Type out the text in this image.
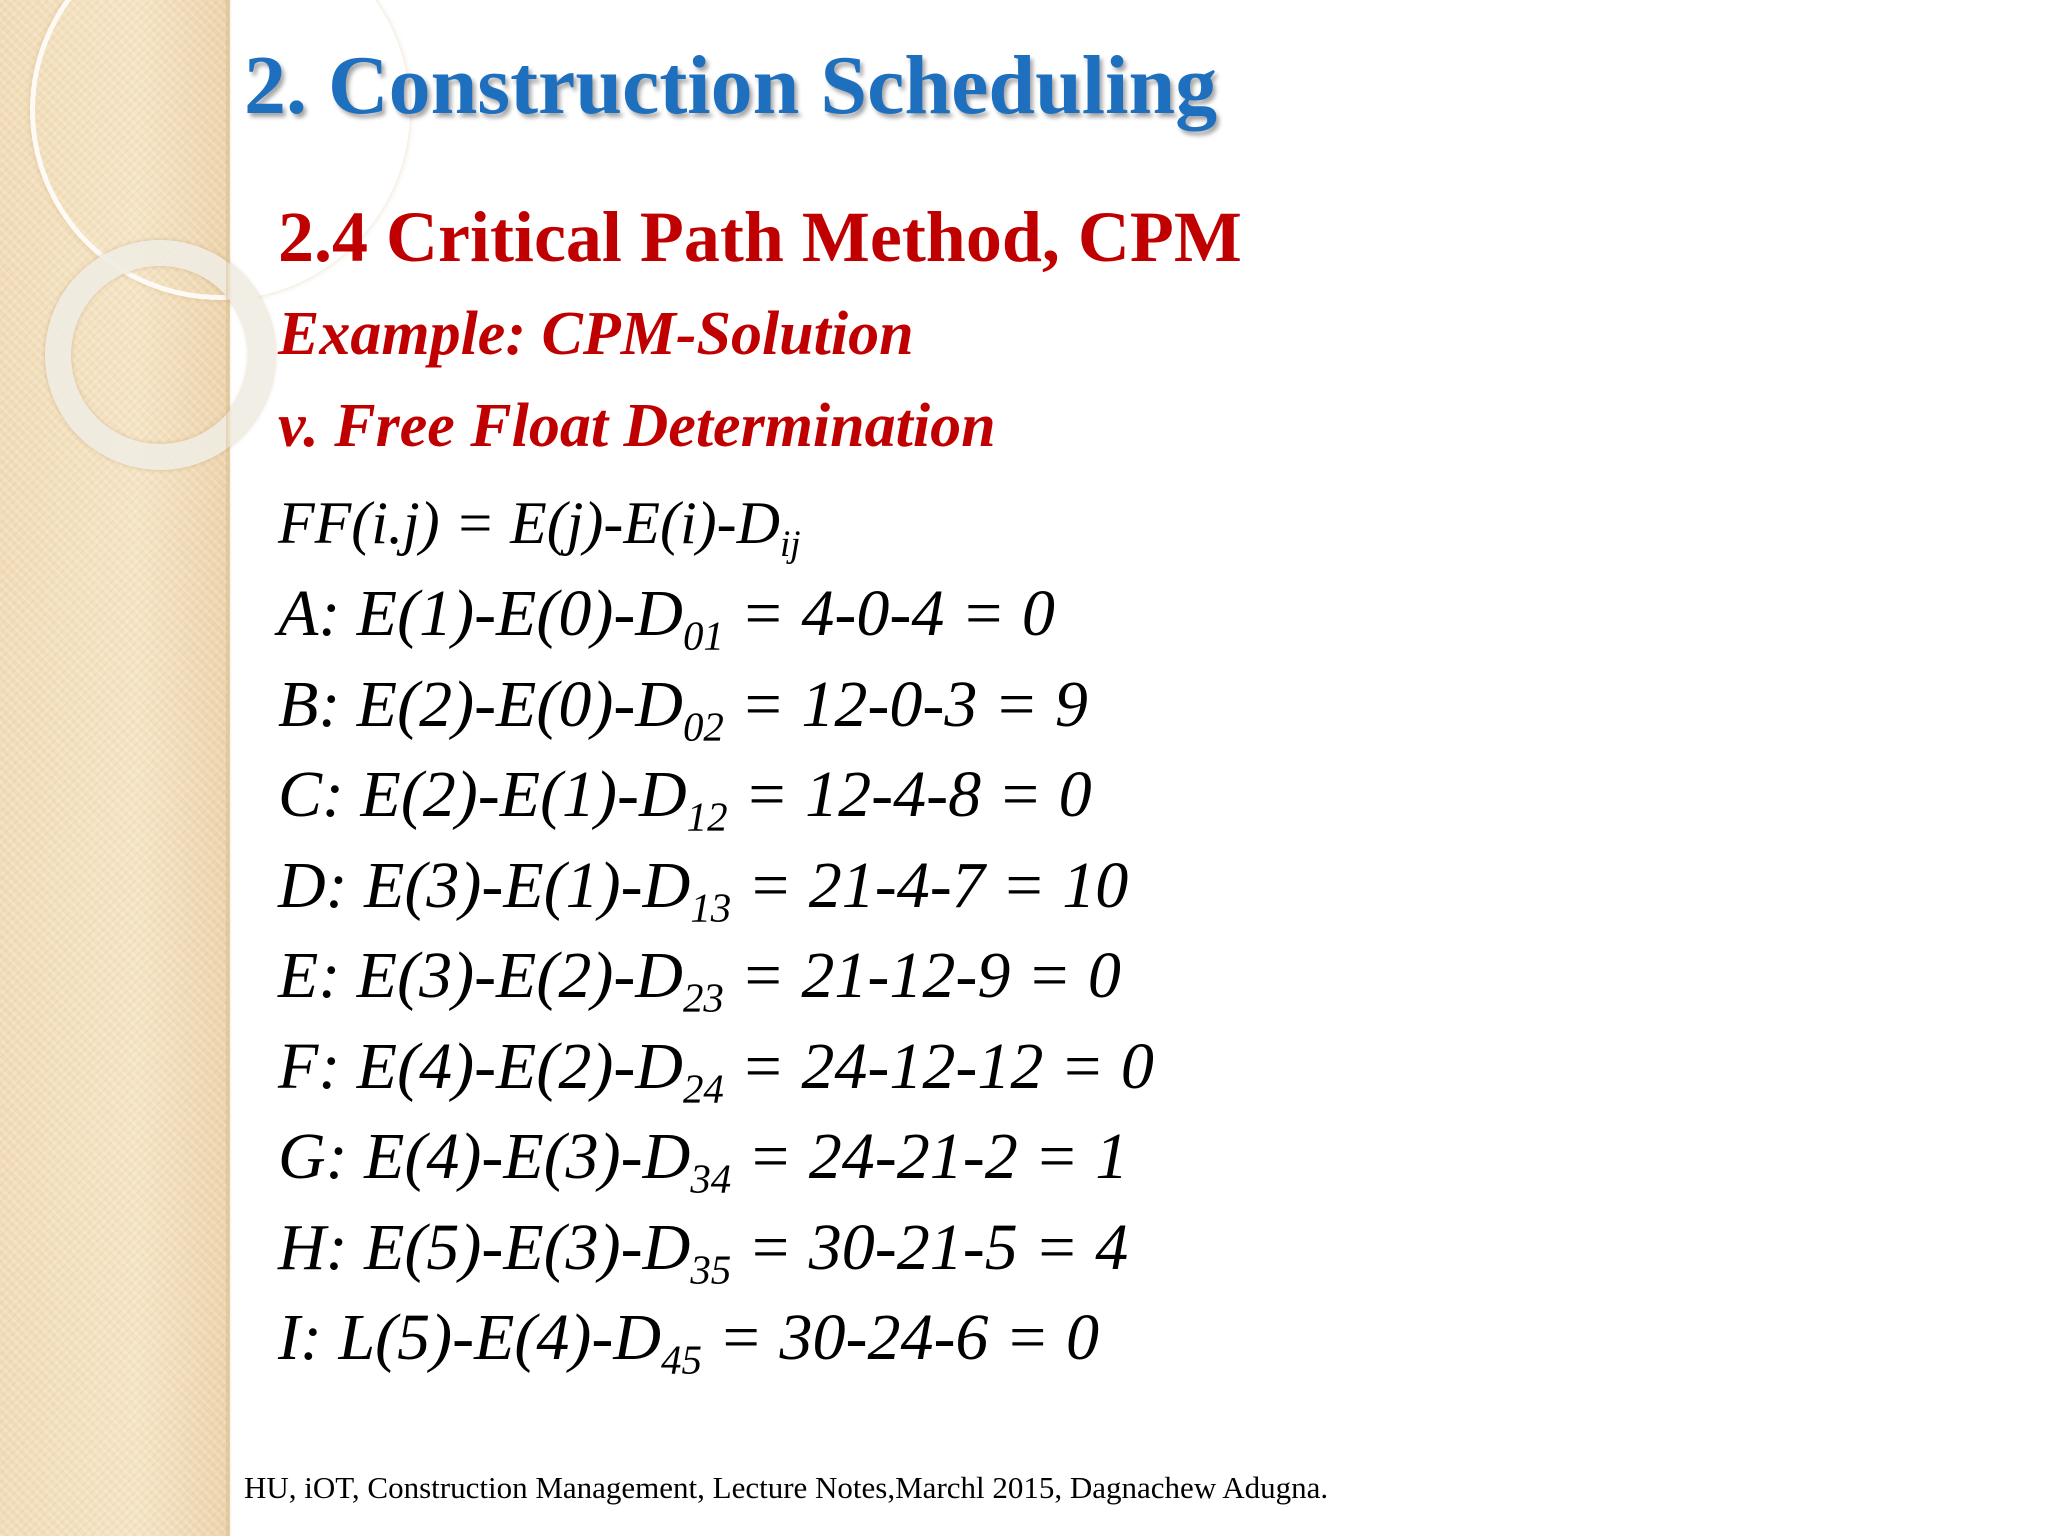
2. Construction Scheduling
2.4 Critical Path Method, CPM
Example: CPM-Solution
v. Free Float Determination
$FF(i.j) = E(j)-E(i)-D_{ij}$
A: $E(1)-E(0)-D_{01} = 4-0-4 = 0$
B: $E(2)-E(0)-D_{02} = 12-0-3 = 9$
C: $E(2)-E(1)-D_{12} = 12-4-8 = 0$
D: $E(3)-E(1)-D_{13} = 21-4-7 = 10$
E: $E(3)-E(2)-D_{23} = 21-12-9 = 0$
F: $E(4)-E(2)-D_{24} = 24-12-12 = 0$
G: $E(4)-E(3)-D_{34} = 24-21-2 = 1$
H: $E(5)-E(3)-D_{35} = 30-21-5 = 4$
I: $L(5)-E(4)-D_{45} = 30-24-6 = 0$
HU, iOT, Construction Management, Lecture Notes,Marchl 2015, Dagnachew Adugna.
